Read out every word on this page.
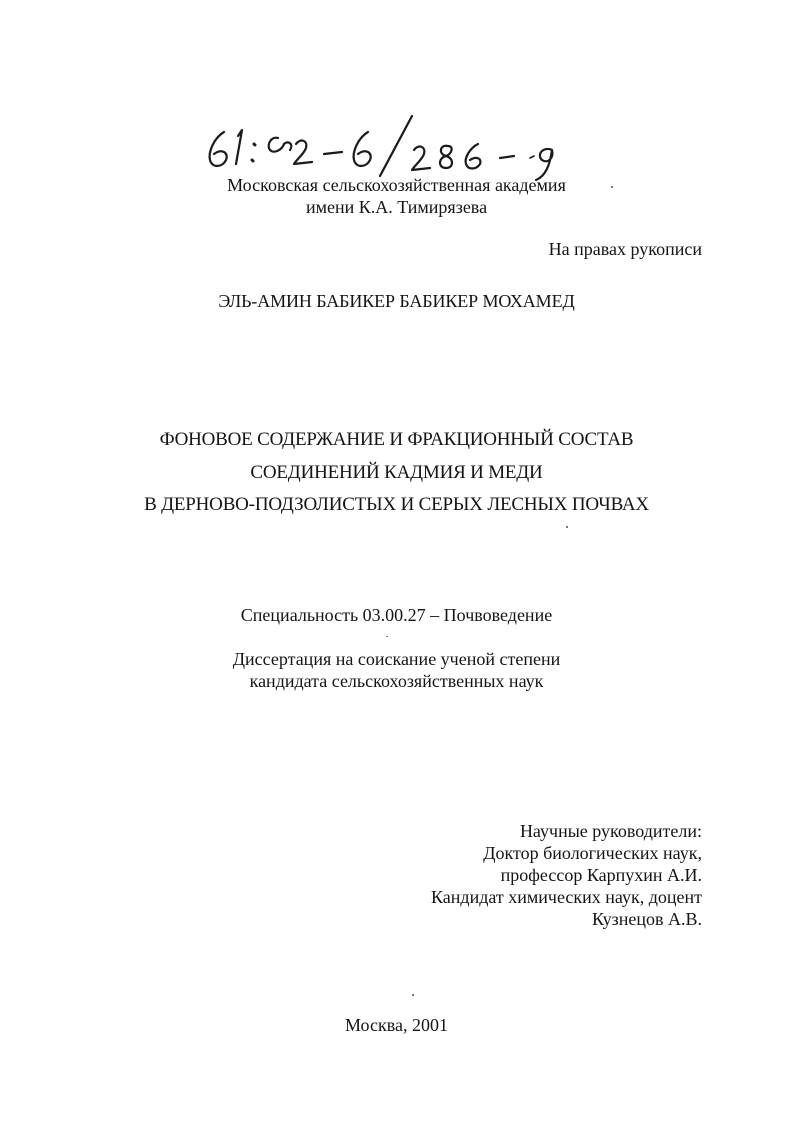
Московская сельскохозяйственная академия
имени К.А. Тимирязева
На правах рукописи
ЭЛЬ-АМИН БАБИКЕР БАБИКЕР МОХАМЕД
ФОНОВОЕ СОДЕРЖАНИЕ И ФРАКЦИОННЫЙ СОСТАВ
СОЕДИНЕНИЙ КАДМИЯ И МЕДИ
В ДЕРНОВО-ПОДЗОЛИСТЫХ И СЕРЫХ ЛЕСНЫХ ПОЧВАХ
Специальность 03.00.27 – Почвоведение
Диссертация на соискание ученой степени
кандидата сельскохозяйственных наук
Научные руководители:
Доктор биологических наук,
профессор Карпухин А.И.
Кандидат химических наук, доцент
Кузнецов А.В.
Москва, 2001
